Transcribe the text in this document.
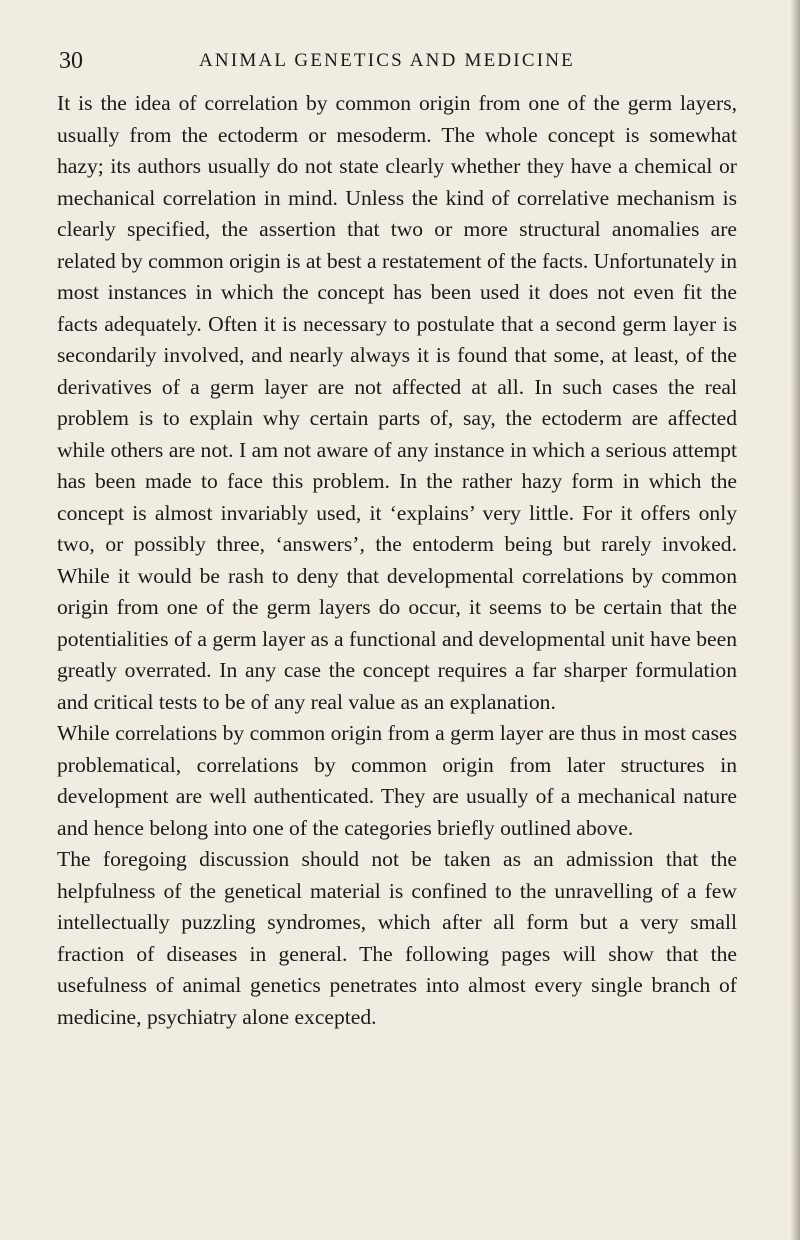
30	ANIMAL GENETICS AND MEDICINE

It is the idea of correlation by common origin from one of the germ layers, usually from the ectoderm or mesoderm. The whole concept is somewhat hazy; its authors usually do not state clearly whether they have a chemical or mechanical correlation in mind. Unless the kind of correlative mechanism is clearly specified, the assertion that two or more structural anomalies are related by common origin is at best a restatement of the facts. Unfortunately in most instances in which the concept has been used it does not even fit the facts adequately. Often it is necessary to postulate that a second germ layer is secondarily involved, and nearly always it is found that some, at least, of the derivatives of a germ layer are not affected at all. In such cases the real problem is to explain why certain parts of, say, the ectoderm are affected while others are not. I am not aware of any instance in which a serious attempt has been made to face this problem. In the rather hazy form in which the concept is almost invariably used, it ‘explains’ very little. For it offers only two, or possibly three, ‘answers’, the entoderm being but rarely invoked. While it would be rash to deny that developmental correlations by common origin from one of the germ layers do occur, it seems to be certain that the potentialities of a germ layer as a functional and developmental unit have been greatly overrated. In any case the concept requires a far sharper formulation and critical tests to be of any real value as an explanation.

While correlations by common origin from a germ layer are thus in most cases problematical, correlations by common origin from later structures in development are well authenticated. They are usually of a mechanical nature and hence belong into one of the categories briefly outlined above.

The foregoing discussion should not be taken as an admission that the helpfulness of the genetical material is confined to the unravelling of a few intellectually puzzling syndromes, which after all form but a very small fraction of diseases in general. The following pages will show that the usefulness of animal genetics penetrates into almost every single branch of medicine, psychiatry alone excepted.
